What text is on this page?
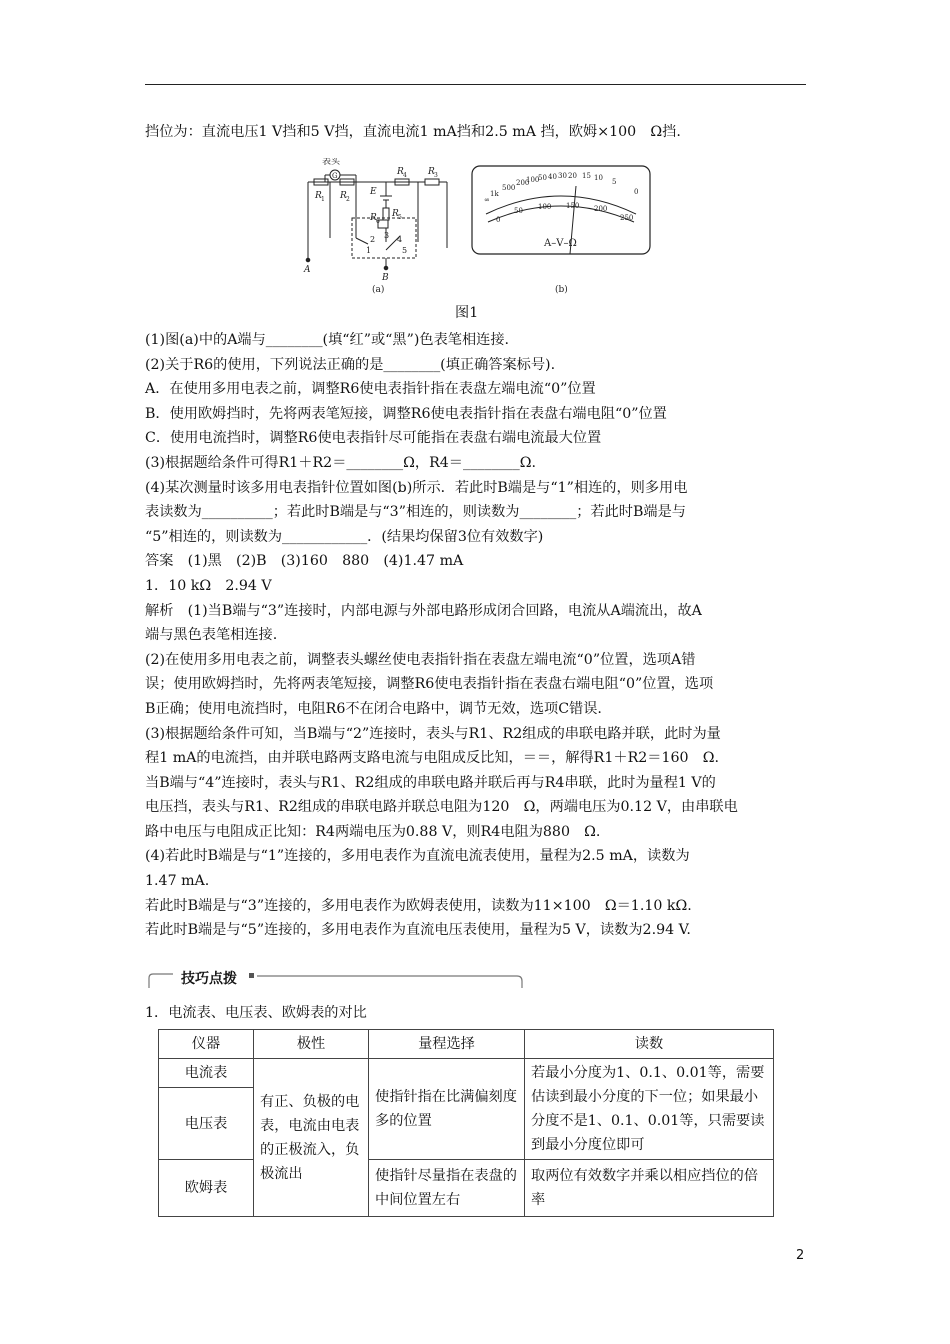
挡位为：直流电压1 V挡和5 V挡，直流电流1 mA挡和2.5 mA 挡，欧姆×100　Ω挡.
表头
G
R 1 R 2
R 5
R 6
R 4 R 3
E
A
B
1
2 3 4
5
(a)
∞
1k
500
200
100
50 40 30 20 15 10 5
0
0
50 100 150 200
250
A–V–Ω
(b)
图1
(1)图(a)中的A端与________(填“红”或“黑”)色表笔相连接.
(2)关于R6的使用，下列说法正确的是________(填正确答案标号).
A．在使用多用电表之前，调整R6使电表指针指在表盘左端电流“0”位置
B．使用欧姆挡时，先将两表笔短接，调整R6使电表指针指在表盘右端电阻“0”位置
C．使用电流挡时，调整R6使电表指针尽可能指在表盘右端电流最大位置
(3)根据题给条件可得R1＋R2＝________Ω，R4＝________Ω.
(4)某次测量时该多用电表指针位置如图(b)所示．若此时B端是与“1”相连的，则多用电
表读数为__________；若此时B端是与“3”相连的，则读数为________；若此时B端是与
“5”相连的，则读数为____________．(结果均保留3位有效数字)
答案　(1)黑　(2)B　(3)160　880　(4)1.47 mA
1．10 kΩ　2.94 V
解析　(1)当B端与“3”连接时，内部电源与外部电路形成闭合回路，电流从A端流出，故A
端与黑色表笔相连接.
(2)在使用多用电表之前，调整表头螺丝使电表指针指在表盘左端电流“0”位置，选项A错
误；使用欧姆挡时，先将两表笔短接，调整R6使电表指针指在表盘右端电阻“0”位置，选项
B正确；使用电流挡时，电阻R6不在闭合电路中，调节无效，选项C错误.
(3)根据题给条件可知，当B端与“2”连接时，表头与R1、R2组成的串联电路并联，此时为量
程1 mA的电流挡，由并联电路两支路电流与电阻成反比知，＝＝，解得R1＋R2＝160　Ω.
当B端与“4”连接时，表头与R1、R2组成的串联电路并联后再与R4串联，此时为量程1 V的
电压挡，表头与R1、R2组成的串联电路并联总电阻为120　Ω，两端电压为0.12 V，由串联电
路中电压与电阻成正比知：R4两端电压为0.88 V，则R4电阻为880　Ω.
(4)若此时B端是与“1”连接的，多用电表作为直流电流表使用，量程为2.5 mA，读数为
1.47 mA.
若此时B端是与“3”连接的，多用电表作为欧姆表使用，读数为11×100　Ω＝1.10 kΩ.
若此时B端是与“5”连接的，多用电表作为直流电压表使用，量程为5 V，读数为2.94 V.
技巧点拨
1．电流表、电压表、欧姆表的对比
仪器	极性	量程选择	读数
电流表	有正、负极的电表，电流由电表的正极流入，负极流出	使指针指在比满偏刻度多的位置	若最小分度为1、0.1、0.01等，需要估读到最小分度的下一位；如果最小分度不是1、0.1、0.01等，只需要读到最小分度位即可
电压表			
欧姆表		使指针尽量指在表盘的中间位置左右	取两位有效数字并乘以相应挡位的倍率
2
